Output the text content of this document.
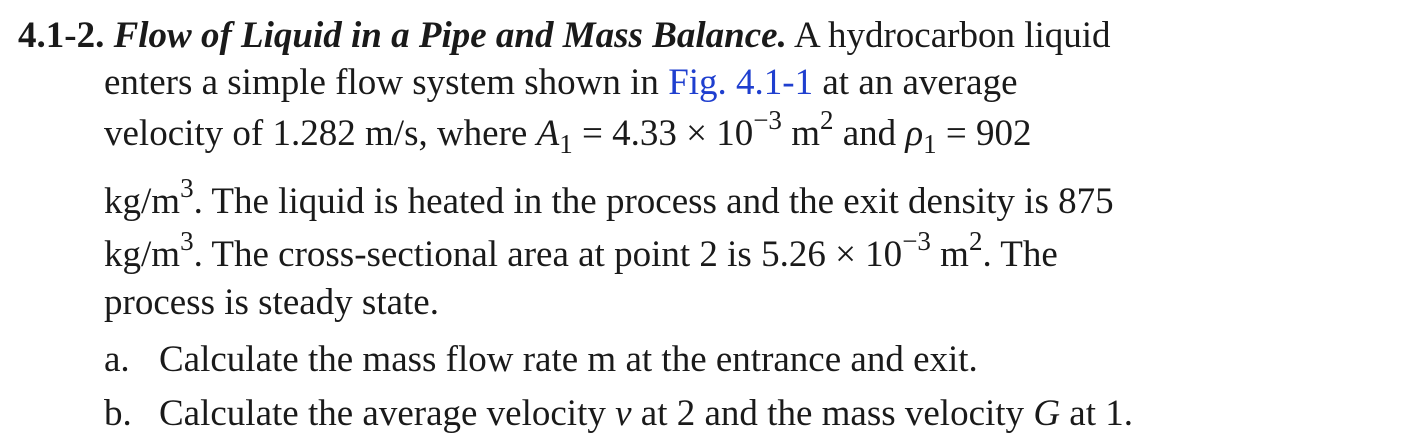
4.1-2. Flow of Liquid in a Pipe and Mass Balance. A hydrocarbon liquid
enters a simple flow system shown in Fig. 4.1-1 at an average
velocity of 1.282 m/s, where $A_1 = 4.33 \times 10^{-3}$ $m^2$ and $\rho_1 = 902$
$kg/m^3$. The liquid is heated in the process and the exit density is 875
$kg/m^3$. The cross-sectional area at point 2 is $5.26 \times 10^{-3}$ $m^2$. The
process is steady state.
a. Calculate the mass flow rate m at the entrance and exit.
b. Calculate the average velocity v at 2 and the mass velocity G at 1.
